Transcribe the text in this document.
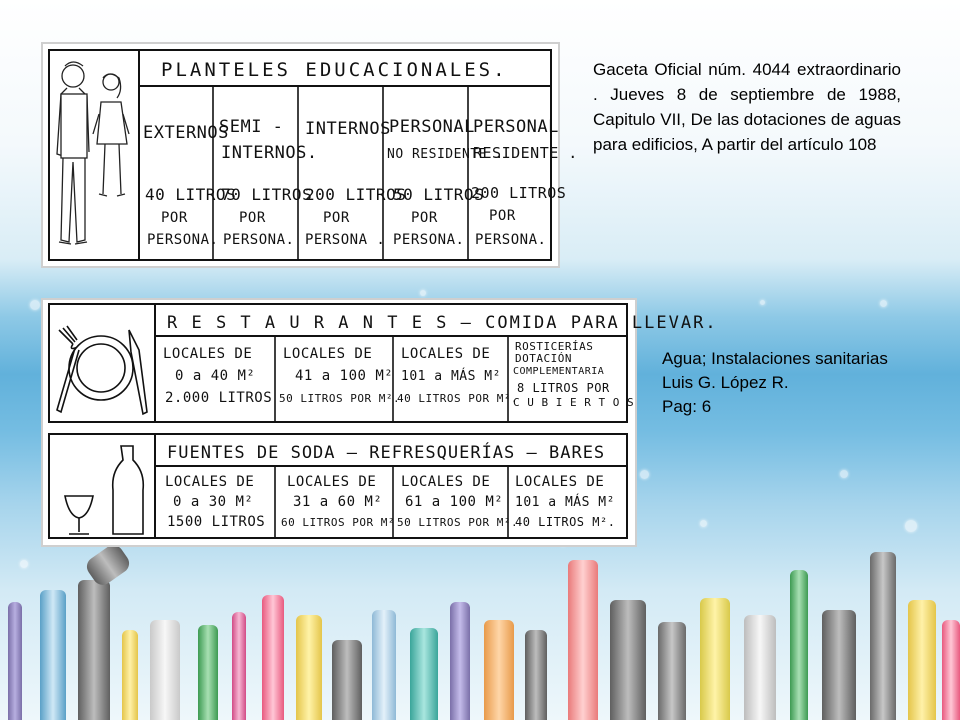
PLANTELES EDUCACIONALES.
EXTERNOS
40 LITROS
POR
PERSONA.
SEMI -
INTERNOS.
70 LITROS
POR
PERSONA.
INTERNOS
200 LITROS
POR
PERSONA .
PERSONAL
NO RESIDENTE .
50 LITROS
POR
PERSONA.
PERSONAL
RESIDENTE .
200 LITROS
POR
PERSONA.
R E S T A U R A N T E S – COMIDA PARA LLEVAR.
LOCALES DE
0 a 40 M²
2.000 LITROS
LOCALES DE
41 a 100 M²
50 LITROS POR M².
LOCALES DE
101 a MÁS M²
40 LITROS POR M².
ROSTICERÍAS
DOTACIÓN
COMPLEMENTARIA
8 LITROS POR
C U B I E R T O S
FUENTES DE SODA – REFRESQUERÍAS – BARES
LOCALES DE
0 a 30 M²
1500 LITROS
LOCALES DE
31 a 60 M²
60 LITROS POR M²
LOCALES DE
61 a 100 M²
50 LITROS POR M².
LOCALES DE
101 a MÁS M²
40 LITROS M².
Gaceta Oficial núm. 4044 extraordinario . Jueves 8 de septiembre de 1988, Capitulo VII, De las dotaciones de aguas para edificios, A partir del artículo 108
Agua; Instalaciones sanitarias
Luis G. López R.
Pag: 6
